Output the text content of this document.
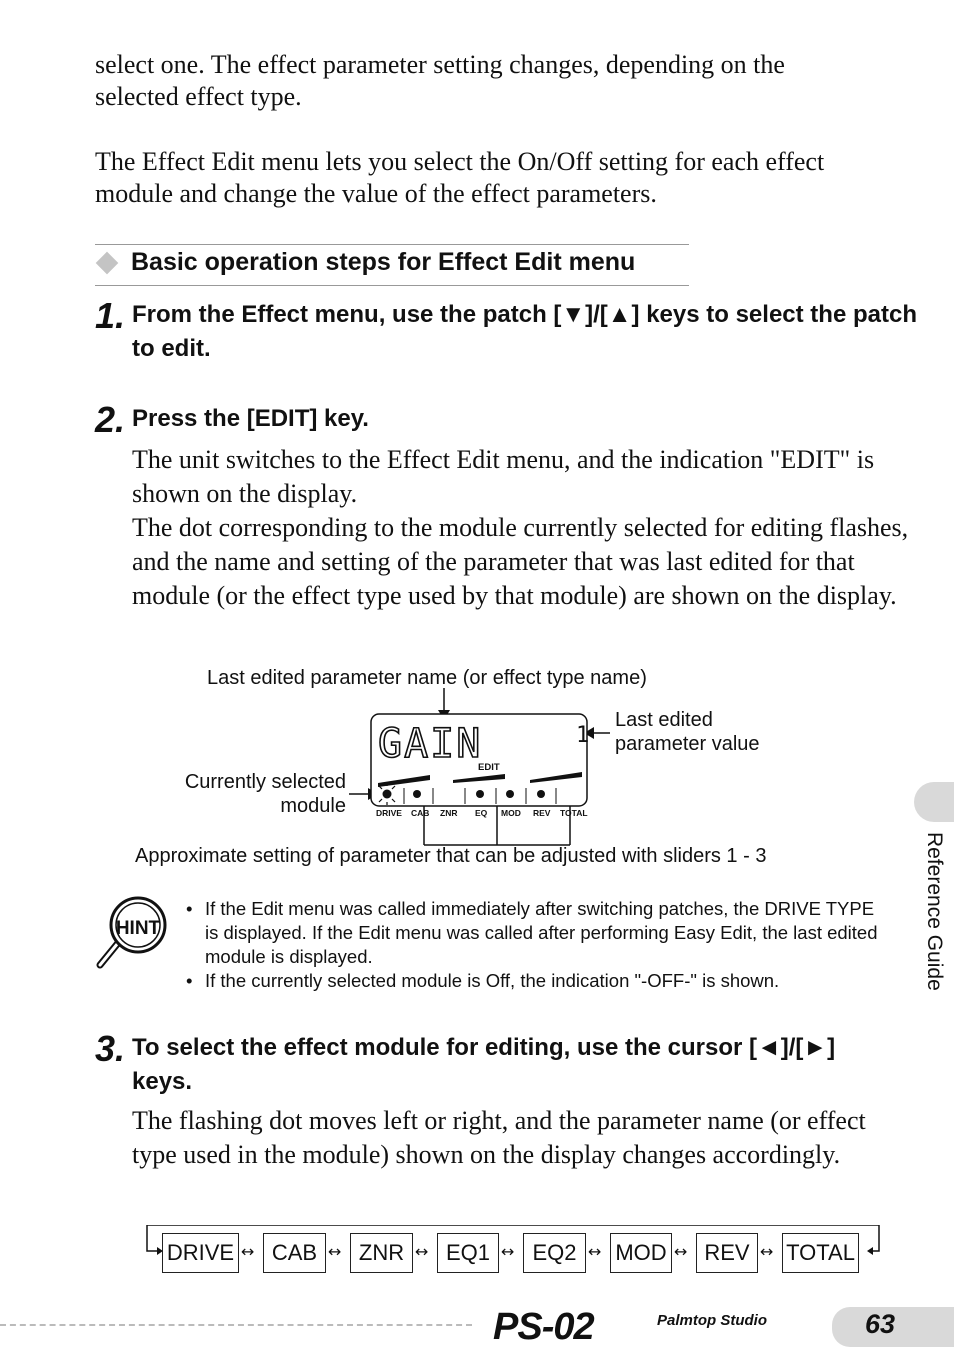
select one. The effect parameter setting changes, depending on the selected effect type.

The Effect Edit menu lets you select the On/Off setting for each effect module and change the value of the effect parameters.

Basic operation steps for Effect Edit menu
1. From the Effect menu, use the patch [▼]/[▲] keys to select the patch to edit.

2. Press the [EDIT] key.

The unit switches to the Effect Edit menu, and the indication "EDIT" is shown on the display.

The dot corresponding to the module currently selected for editing flashes, and the name and setting of the parameter that was last edited for that module (or the effect type used by that module) are shown on the display.

Last edited parameter name (or effect type name)
Last edited
parameter value
Currently selected
module
Approximate setting of parameter that can be adjusted with sliders 1 - 3
GAIN	1
EDIT
DRIVE CAB ZNR EQ MOD REV TOTAL
HINT
• If the Edit menu was called immediately after switching patches, the DRIVE TYPE is displayed. If the Edit menu was called after performing Easy Edit, the last edited module is displayed.
• If the currently selected module is Off, the indication "-OFF-" is shown.
3. To select the effect module for editing, use the cursor [◄]/[►] keys.

The flashing dot moves left or right, and the parameter name (or effect type used in the module) shown on the display changes accordingly.

DRIVE ↔ CAB ↔ ZNR ↔ EQ1 ↔ EQ2 ↔ MOD ↔ REV ↔ TOTAL
Reference Guide
PS-02	Palmtop Studio	63
